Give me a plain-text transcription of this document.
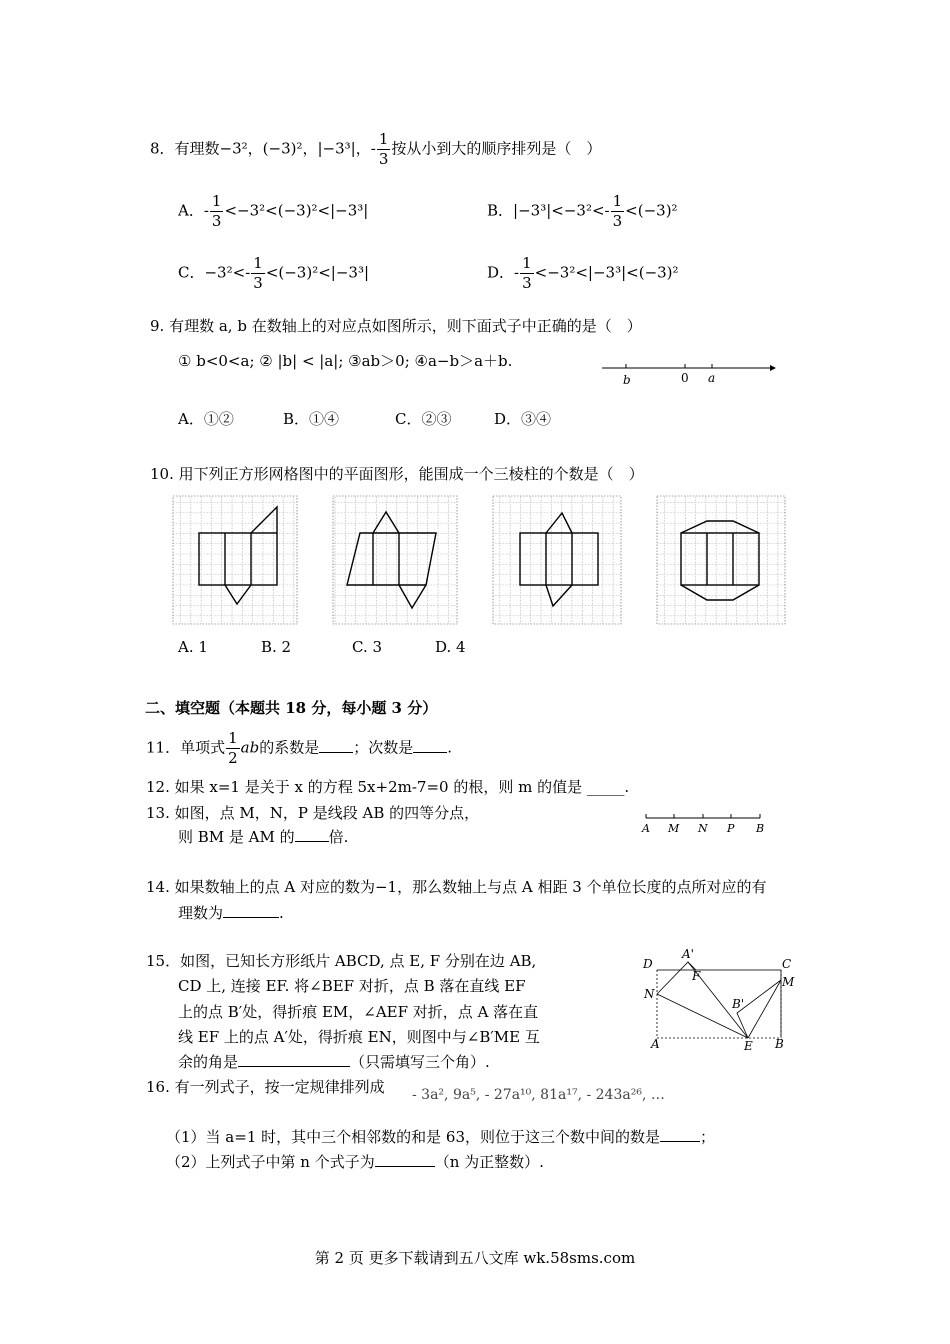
8．有理数−3²，(−3)²，|−3³|，- $\frac{1}{3}$ 按从小到大的顺序排列是（　）
A．- $\frac{1}{3} <-3^2<(-3)^2<|-3^3|$	B．$|-3^3|<-3^2<- \frac{1}{3} <(-3)^2$
C．$-3^2<- \frac{1}{3} <(-3)^2<|-3^3|$	D．- $\frac{1}{3} <-3^2<|-3^3|<(-3)^2$
9. 有理数 a, b 在数轴上的对应点如图所示，则下面式子中正确的是（　）
① b<0<a; ② |b| < |a|; ③ab＞0; ④a−b＞a＋b.
b	0 a
A．①②	B．①④	C．②③	D．③④
10. 用下列正方形网格图中的平面图形，能围成一个三棱柱的个数是（　）
A. 1	B. 2	C. 3	D. 4
二、填空题（本题共 18 分，每小题 3 分）
11．单项式 $\frac{1}{2}$ ab的系数是 ；次数是 .
12. 如果 x=1 是关于 x 的方程 5x+2m-7=0 的根，则 m 的值是 _____.
13. 如图，点 M，N，P 是线段 AB 的四等分点，
则 BM 是 AM 的 倍.	A M N P B
14. 如果数轴上的点 A 对应的数为−1，那么数轴上与点 A 相距 3 个单位长度的点所对应的有
理数为	.
15．如图，已知长方形纸片 ABCD, 点 E, F 分别在边 AB,
CD 上, 连接 EF. 将∠BEF 对折，点 B 落在直线 EF
上的点 B′处，得折痕 EM，∠AEF 对折，点 A 落在直
线 EF 上的点 A′处，得折痕 EN，则图中与∠B′ME 互
余的角是	（只需填写三个角）.
D
A'
C
F	M
N
B'
A	E B
16. 有一列式子，按一定规律排列成 - 3a², 9a⁵, - 27a¹⁰, 81a¹⁷, - 243a²⁶, …
（1）当 a=1 时，其中三个相邻数的和是 63，则位于这三个数中间的数是	；
（2）上列式子中第 n 个式子为	（n 为正整数）.
第 2 页 更多下载请到五八文库 wk.58sms.com
